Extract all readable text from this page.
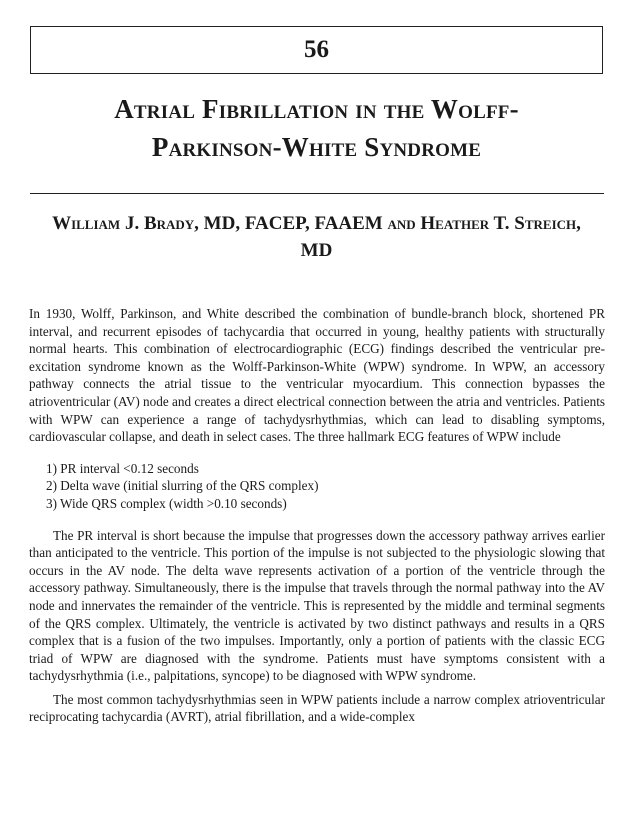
56
Atrial Fibrillation in the Wolff-
Parkinson-White Syndrome
William J. Brady, MD, FACEP, FAAEM and Heather T. Streich,
MD

In 1930, Wolff, Parkinson, and White described the combination of bundle-branch block, shortened PR interval, and recurrent episodes of tachycardia that occurred in young, healthy patients with structurally normal hearts. This combination of electrocardiographic (ECG) findings described the ventricular pre-excitation syndrome known as the Wolff-Parkinson-White (WPW) syndrome. In WPW, an accessory pathway connects the atrial tissue to the ventricular myocardium. This connection bypasses the atrioventricular (AV) node and creates a direct electrical connection between the atria and ventricles. Patients with WPW can experience a range of tachydysrhythmias, which can lead to disabling symptoms, cardiovascular collapse, and death in select cases. The three hallmark ECG features of WPW include

1) PR interval <0.12 seconds
2) Delta wave (initial slurring of the QRS complex)
3) Wide QRS complex (width >0.10 seconds)

The PR interval is short because the impulse that progresses down the accessory pathway arrives earlier than anticipated to the ventricle. This portion of the impulse is not subjected to the physiologic slowing that occurs in the AV node. The delta wave represents activation of a portion of the ventricle through the accessory pathway. Simultaneously, there is the impulse that travels through the normal pathway into the AV node and innervates the remainder of the ventricle. This is represented by the middle and terminal segments of the QRS complex. Ultimately, the ventricle is activated by two distinct pathways and results in a QRS complex that is a fusion of the two impulses. Importantly, only a portion of patients with the classic ECG triad of WPW are diagnosed with the syndrome. Patients must have symptoms consistent with a tachydysrhythmia (i.e., palpitations, syncope) to be diagnosed with WPW syndrome.

The most common tachydysrhythmias seen in WPW patients include a narrow complex atrioventricular reciprocating tachycardia (AVRT), atrial fibrillation, and a wide-complex
